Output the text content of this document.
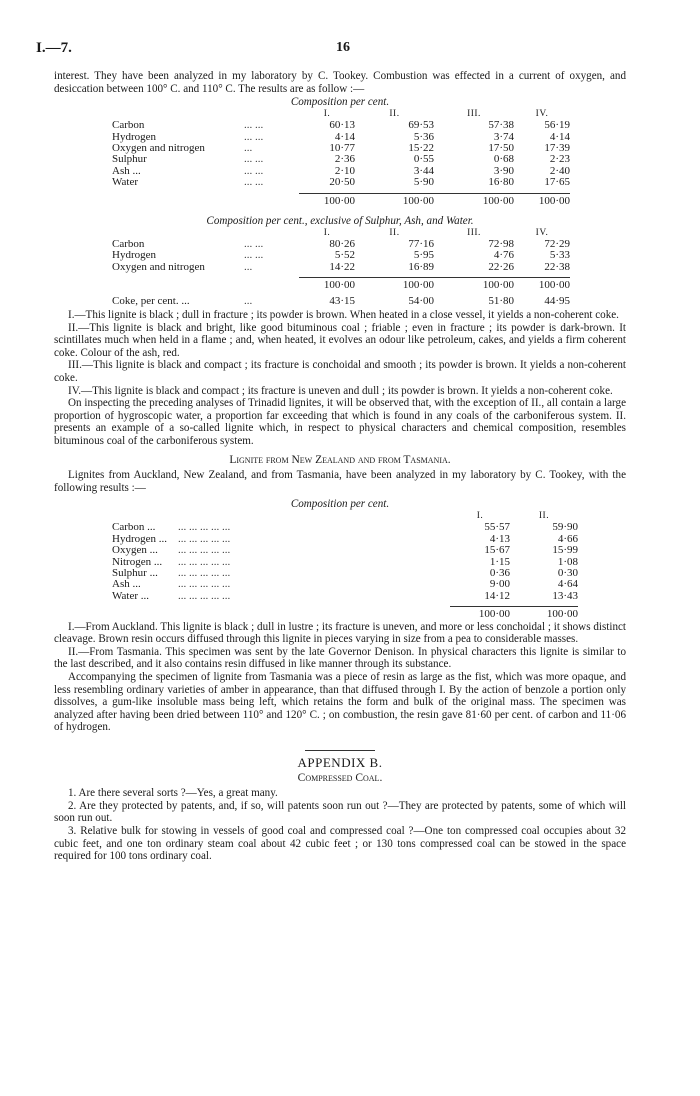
I.—7.	16

interest. They have been analyzed in my laboratory by C. Tookey. Combustion was effected in a current of oxygen, and desiccation between 100° C. and 110° C. The results are as follow :—

Composition per cent.
		I.	II.	III.	IV.
Carbon	... ...	60·13	69·53	57·38	56·19
Hydrogen	... ...	4·14	5·36	3·74	4·14
Oxygen and nitrogen	...	10·77	15·22	17·50	17·39
Sulphur	... ...	2·36	0·55	0·68	2·23
Ash ...	... ...	2·10	3·44	3·90	2·40
Water	... ...	20·50	5·90	16·80	17·65

		100·00	100·00	100·00	100·00
Composition per cent., exclusive of Sulphur, Ash, and Water.
		I.	II.	III.	IV.
Carbon	... ...	80·26	77·16	72·98	72·29
Hydrogen	... ...	5·52	5·95	4·76	5·33
Oxygen and nitrogen	...	14·22	16·89	22·26	22·38

		100·00	100·00	100·00	100·00

Coke, per cent. ...	...	43·15	54·00	51·80	44·95

I.—This lignite is black ; dull in fracture ; its powder is brown. When heated in a close vessel, it yields a non-coherent coke.

II.—This lignite is black and bright, like good bituminous coal ; friable ; even in fracture ; its powder is dark-brown. It scintillates much when held in a flame ; and, when heated, it evolves an odour like petroleum, cakes, and yields a firm coherent coke. Colour of the ash, red.

III.—This lignite is black and compact ; its fracture is conchoidal and smooth ; its powder is brown. It yields a non-coherent coke.

IV.—This lignite is black and compact ; its fracture is uneven and dull ; its powder is brown. It yields a non-coherent coke.

On inspecting the preceding analyses of Trinadid lignites, it will be observed that, with the exception of II., all contain a large proportion of hygroscopic water, a proportion far exceeding that which is found in any coals of the carboniferous system. II. presents an example of a so-called lignite which, in respect to physical characters and chemical composition, resembles bituminous coal of the carboniferous system.

Lignite from New Zealand and from Tasmania.

Lignites from Auckland, New Zealand, and from Tasmania, have been analyzed in my laboratory by C. Tookey, with the following results :—

Composition per cent.
		I.	II.
Carbon ...	... ... ... ... ...	55·57	59·90
Hydrogen ...	... ... ... ... ...	4·13	4·66
Oxygen ...	... ... ... ... ...	15·67	15·99
Nitrogen ...	... ... ... ... ...	1·15	1·08
Sulphur ...	... ... ... ... ...	0·36	0·30
Ash ...	... ... ... ... ...	9·00	4·64
Water ...	... ... ... ... ...	14·12	13·43

		100·00	100·00

I.—From Auckland. This lignite is black ; dull in lustre ; its fracture is uneven, and more or less conchoidal ; it shows distinct cleavage. Brown resin occurs diffused through this lignite in pieces varying in size from a pea to considerable masses.

II.—From Tasmania. This specimen was sent by the late Governor Denison. In physical characters this lignite is similar to the last described, and it also contains resin diffused in like manner through its substance.

Accompanying the specimen of lignite from Tasmania was a piece of resin as large as the fist, which was more opaque, and less resembling ordinary varieties of amber in appearance, than that diffused through I. By the action of benzole a portion only dissolves, a gum-like insoluble mass being left, which retains the form and bulk of the original mass. The specimen was analyzed after having been dried between 110° and 120° C. ; on combustion, the resin gave 81·60 per cent. of carbon and 11·06 of hydrogen.

APPENDIX B.
Compressed Coal.

1. Are there several sorts ?—Yes, a great many.

2. Are they protected by patents, and, if so, will patents soon run out ?—They are protected by patents, some of which will soon run out.

3. Relative bulk for stowing in vessels of good coal and compressed coal ?—One ton compressed coal occupies about 32 cubic feet, and one ton ordinary steam coal about 42 cubic feet ; or 130 tons compressed coal can be stowed in the space required for 100 tons ordinary coal.
